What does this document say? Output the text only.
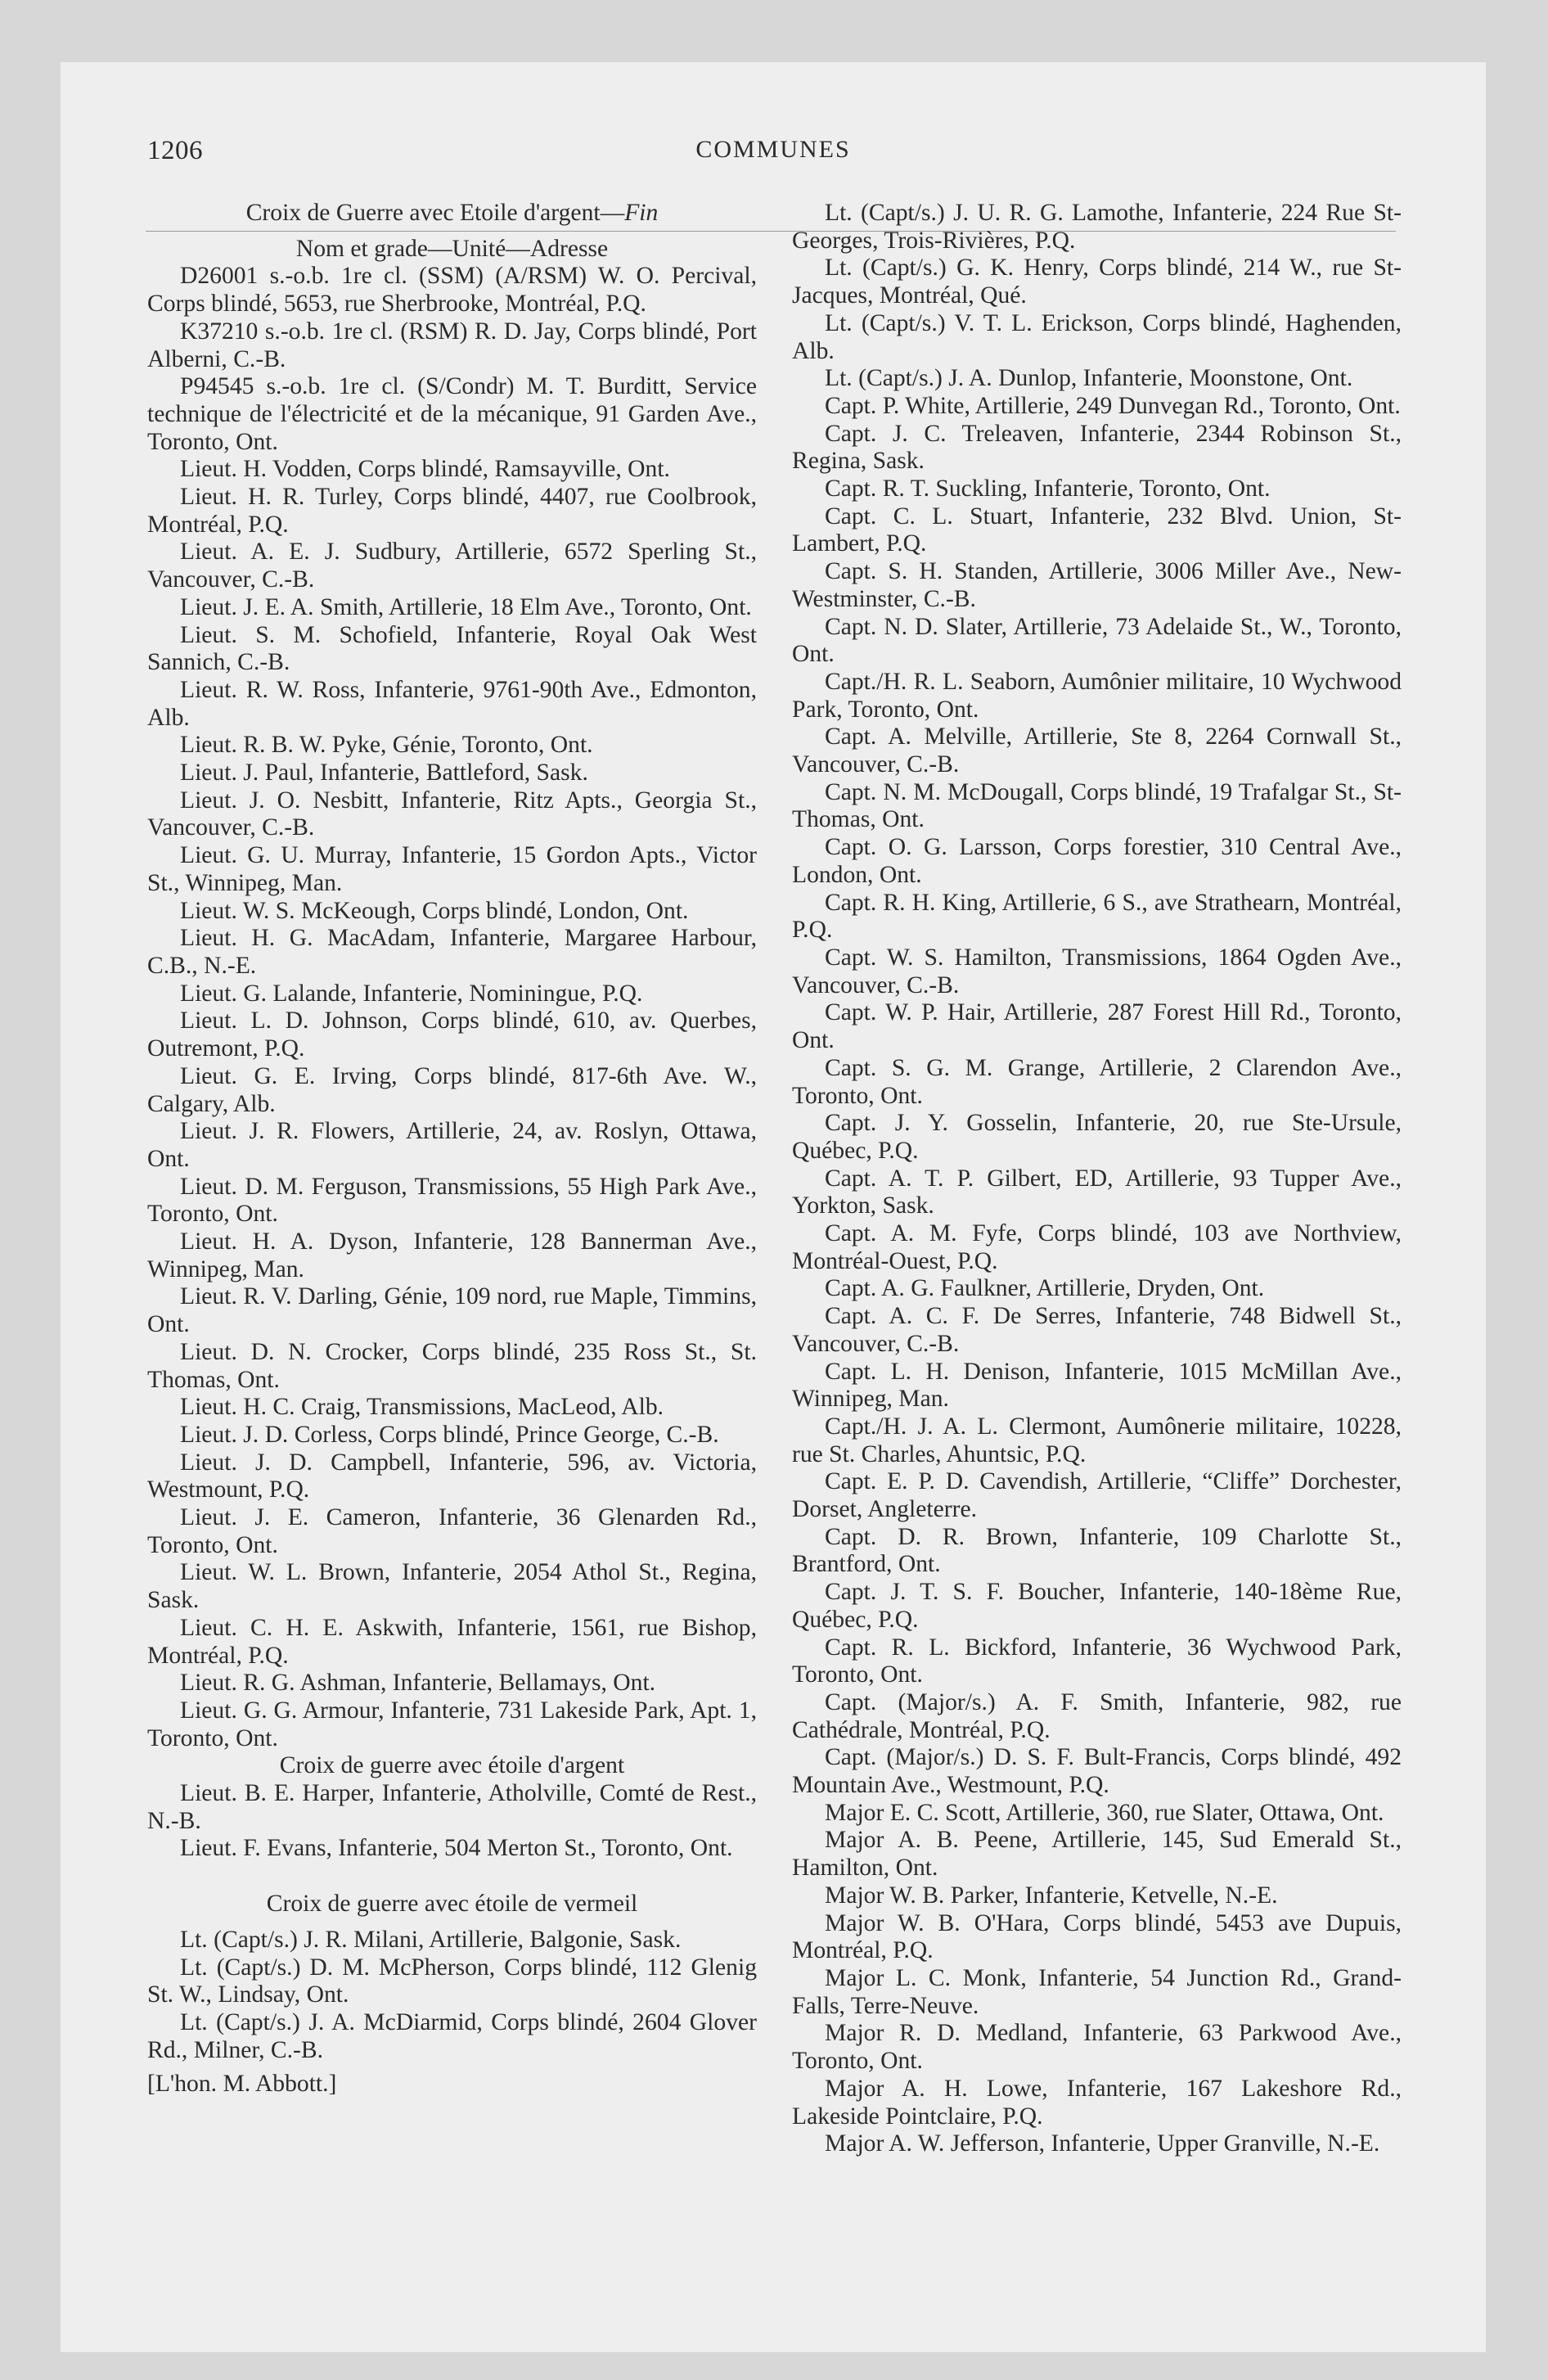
1206	COMMUNES

Croix de Guerre avec Etoile d'argent—Fin

Nom et grade—Unité—Adresse

D26001 s.-o.b. 1re cl. (SSM) (A/RSM) W. O. Percival, Corps blindé, 5653, rue Sherbrooke, Montréal, P.Q.

K37210 s.-o.b. 1re cl. (RSM) R. D. Jay, Corps blindé, Port Alberni, C.-B.

P94545 s.-o.b. 1re cl. (S/Condr) M. T. Burditt, Service technique de l'électricité et de la mécanique, 91 Garden Ave., Toronto, Ont.

Lieut. H. Vodden, Corps blindé, Ramsayville, Ont.

Lieut. H. R. Turley, Corps blindé, 4407, rue Coolbrook, Montréal, P.Q.

Lieut. A. E. J. Sudbury, Artillerie, 6572 Sperling St., Vancouver, C.-B.

Lieut. J. E. A. Smith, Artillerie, 18 Elm Ave., Toronto, Ont.

Lieut. S. M. Schofield, Infanterie, Royal Oak West Sannich, C.-B.

Lieut. R. W. Ross, Infanterie, 9761-90th Ave., Edmonton, Alb.

Lieut. R. B. W. Pyke, Génie, Toronto, Ont.

Lieut. J. Paul, Infanterie, Battleford, Sask.

Lieut. J. O. Nesbitt, Infanterie, Ritz Apts., Georgia St., Vancouver, C.-B.

Lieut. G. U. Murray, Infanterie, 15 Gordon Apts., Victor St., Winnipeg, Man.

Lieut. W. S. McKeough, Corps blindé, London, Ont.

Lieut. H. G. MacAdam, Infanterie, Margaree Harbour, C.B., N.-E.

Lieut. G. Lalande, Infanterie, Nominingue, P.Q.

Lieut. L. D. Johnson, Corps blindé, 610, av. Querbes, Outremont, P.Q.

Lieut. G. E. Irving, Corps blindé, 817-6th Ave. W., Calgary, Alb.

Lieut. J. R. Flowers, Artillerie, 24, av. Roslyn, Ottawa, Ont.

Lieut. D. M. Ferguson, Transmissions, 55 High Park Ave., Toronto, Ont.

Lieut. H. A. Dyson, Infanterie, 128 Bannerman Ave., Winnipeg, Man.

Lieut. R. V. Darling, Génie, 109 nord, rue Maple, Timmins, Ont.

Lieut. D. N. Crocker, Corps blindé, 235 Ross St., St. Thomas, Ont.

Lieut. H. C. Craig, Transmissions, MacLeod, Alb.

Lieut. J. D. Corless, Corps blindé, Prince George, C.-B.

Lieut. J. D. Campbell, Infanterie, 596, av. Victoria, Westmount, P.Q.

Lieut. J. E. Cameron, Infanterie, 36 Glenarden Rd., Toronto, Ont.

Lieut. W. L. Brown, Infanterie, 2054 Athol St., Regina, Sask.

Lieut. C. H. E. Askwith, Infanterie, 1561, rue Bishop, Montréal, P.Q.

Lieut. R. G. Ashman, Infanterie, Bellamays, Ont.

Lieut. G. G. Armour, Infanterie, 731 Lakeside Park, Apt. 1, Toronto, Ont.

Croix de guerre avec étoile d'argent

Lieut. B. E. Harper, Infanterie, Atholville, Comté de Rest., N.-B.

Lieut. F. Evans, Infanterie, 504 Merton St., Toronto, Ont.

Croix de guerre avec étoile de vermeil

Lt. (Capt/s.) J. R. Milani, Artillerie, Balgonie, Sask.

Lt. (Capt/s.) D. M. McPherson, Corps blindé, 112 Glenig St. W., Lindsay, Ont.

Lt. (Capt/s.) J. A. McDiarmid, Corps blindé, 2604 Glover Rd., Milner, C.-B.

[L'hon. M. Abbott.]

Lt. (Capt/s.) J. U. R. G. Lamothe, Infanterie, 224 Rue St-Georges, Trois-Rivières, P.Q.

Lt. (Capt/s.) G. K. Henry, Corps blindé, 214 W., rue St-Jacques, Montréal, Qué.

Lt. (Capt/s.) V. T. L. Erickson, Corps blindé, Haghenden, Alb.

Lt. (Capt/s.) J. A. Dunlop, Infanterie, Moonstone, Ont.

Capt. P. White, Artillerie, 249 Dunvegan Rd., Toronto, Ont.

Capt. J. C. Treleaven, Infanterie, 2344 Robinson St., Regina, Sask.

Capt. R. T. Suckling, Infanterie, Toronto, Ont.

Capt. C. L. Stuart, Infanterie, 232 Blvd. Union, St-Lambert, P.Q.

Capt. S. H. Standen, Artillerie, 3006 Miller Ave., New-Westminster, C.-B.

Capt. N. D. Slater, Artillerie, 73 Adelaide St., W., Toronto, Ont.

Capt./H. R. L. Seaborn, Aumônier militaire, 10 Wychwood Park, Toronto, Ont.

Capt. A. Melville, Artillerie, Ste 8, 2264 Cornwall St., Vancouver, C.-B.

Capt. N. M. McDougall, Corps blindé, 19 Trafalgar St., St-Thomas, Ont.

Capt. O. G. Larsson, Corps forestier, 310 Central Ave., London, Ont.

Capt. R. H. King, Artillerie, 6 S., ave Strathearn, Montréal, P.Q.

Capt. W. S. Hamilton, Transmissions, 1864 Ogden Ave., Vancouver, C.-B.

Capt. W. P. Hair, Artillerie, 287 Forest Hill Rd., Toronto, Ont.

Capt. S. G. M. Grange, Artillerie, 2 Clarendon Ave., Toronto, Ont.

Capt. J. Y. Gosselin, Infanterie, 20, rue Ste-Ursule, Québec, P.Q.

Capt. A. T. P. Gilbert, ED, Artillerie, 93 Tupper Ave., Yorkton, Sask.

Capt. A. M. Fyfe, Corps blindé, 103 ave Northview, Montréal-Ouest, P.Q.

Capt. A. G. Faulkner, Artillerie, Dryden, Ont.

Capt. A. C. F. De Serres, Infanterie, 748 Bidwell St., Vancouver, C.-B.

Capt. L. H. Denison, Infanterie, 1015 McMillan Ave., Winnipeg, Man.

Capt./H. J. A. L. Clermont, Aumônerie militaire, 10228, rue St. Charles, Ahuntsic, P.Q.

Capt. E. P. D. Cavendish, Artillerie, “Cliffe” Dorchester, Dorset, Angleterre.

Capt. D. R. Brown, Infanterie, 109 Charlotte St., Brantford, Ont.

Capt. J. T. S. F. Boucher, Infanterie, 140-18ème Rue, Québec, P.Q.

Capt. R. L. Bickford, Infanterie, 36 Wychwood Park, Toronto, Ont.

Capt. (Major/s.) A. F. Smith, Infanterie, 982, rue Cathédrale, Montréal, P.Q.

Capt. (Major/s.) D. S. F. Bult-Francis, Corps blindé, 492 Mountain Ave., Westmount, P.Q.

Major E. C. Scott, Artillerie, 360, rue Slater, Ottawa, Ont.

Major A. B. Peene, Artillerie, 145, Sud Emerald St., Hamilton, Ont.

Major W. B. Parker, Infanterie, Ketvelle, N.-E.

Major W. B. O'Hara, Corps blindé, 5453 ave Dupuis, Montréal, P.Q.

Major L. C. Monk, Infanterie, 54 Junction Rd., Grand-Falls, Terre-Neuve.

Major R. D. Medland, Infanterie, 63 Parkwood Ave., Toronto, Ont.

Major A. H. Lowe, Infanterie, 167 Lakeshore Rd., Lakeside Pointclaire, P.Q.

Major A. W. Jefferson, Infanterie, Upper Granville, N.-E.
